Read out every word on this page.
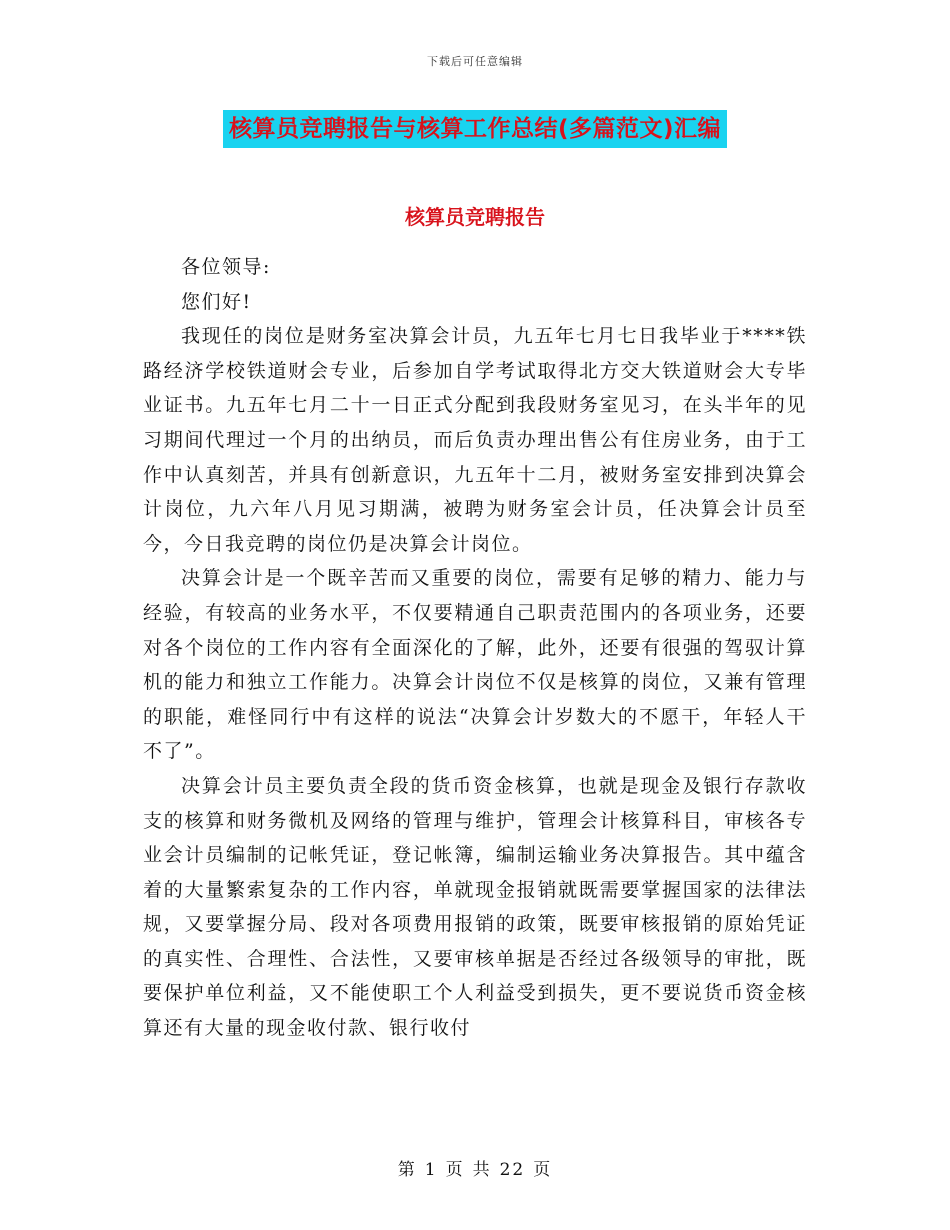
下载后可任意编辑
核算员竞聘报告与核算工作总结(多篇范文)汇编
核算员竞聘报告

各位领导:

您们好!

我现任的岗位是财务室决算会计员，九五年七月七日我毕业于****铁路经济学校铁道财会专业，后参加自学考试取得北方交大铁道财会大专毕业证书。九五年七月二十一日正式分配到我段财务室见习，在头半年的见习期间代理过一个月的出纳员，而后负责办理出售公有住房业务，由于工作中认真刻苦，并具有创新意识，九五年十二月，被财务室安排到决算会计岗位，九六年八月见习期满，被聘为财务室会计员，任决算会计员至今，今日我竞聘的岗位仍是决算会计岗位。

决算会计是一个既辛苦而又重要的岗位，需要有足够的精力、能力与经验，有较高的业务水平，不仅要精通自己职责范围内的各项业务，还要对各个岗位的工作内容有全面深化的了解，此外，还要有很强的驾驭计算机的能力和独立工作能力。决算会计岗位不仅是核算的岗位，又兼有管理的职能，难怪同行中有这样的说法“决算会计岁数大的不愿干，年轻人干不了”。

决算会计员主要负责全段的货币资金核算，也就是现金及银行存款收支的核算和财务微机及网络的管理与维护，管理会计核算科目，审核各专业会计员编制的记帐凭证，登记帐簿，编制运输业务决算报告。其中蕴含着的大量繁索复杂的工作内容，单就现金报销就既需要掌握国家的法律法规，又要掌握分局、段对各项费用报销的政策，既要审核报销的原始凭证的真实性、合理性、合法性，又要审核单据是否经过各级领导的审批，既要保护单位利益，又不能使职工个人利益受到损失，更不要说货币资金核算还有大量的现金收付款、银行收付

第 1 页 共 22 页
